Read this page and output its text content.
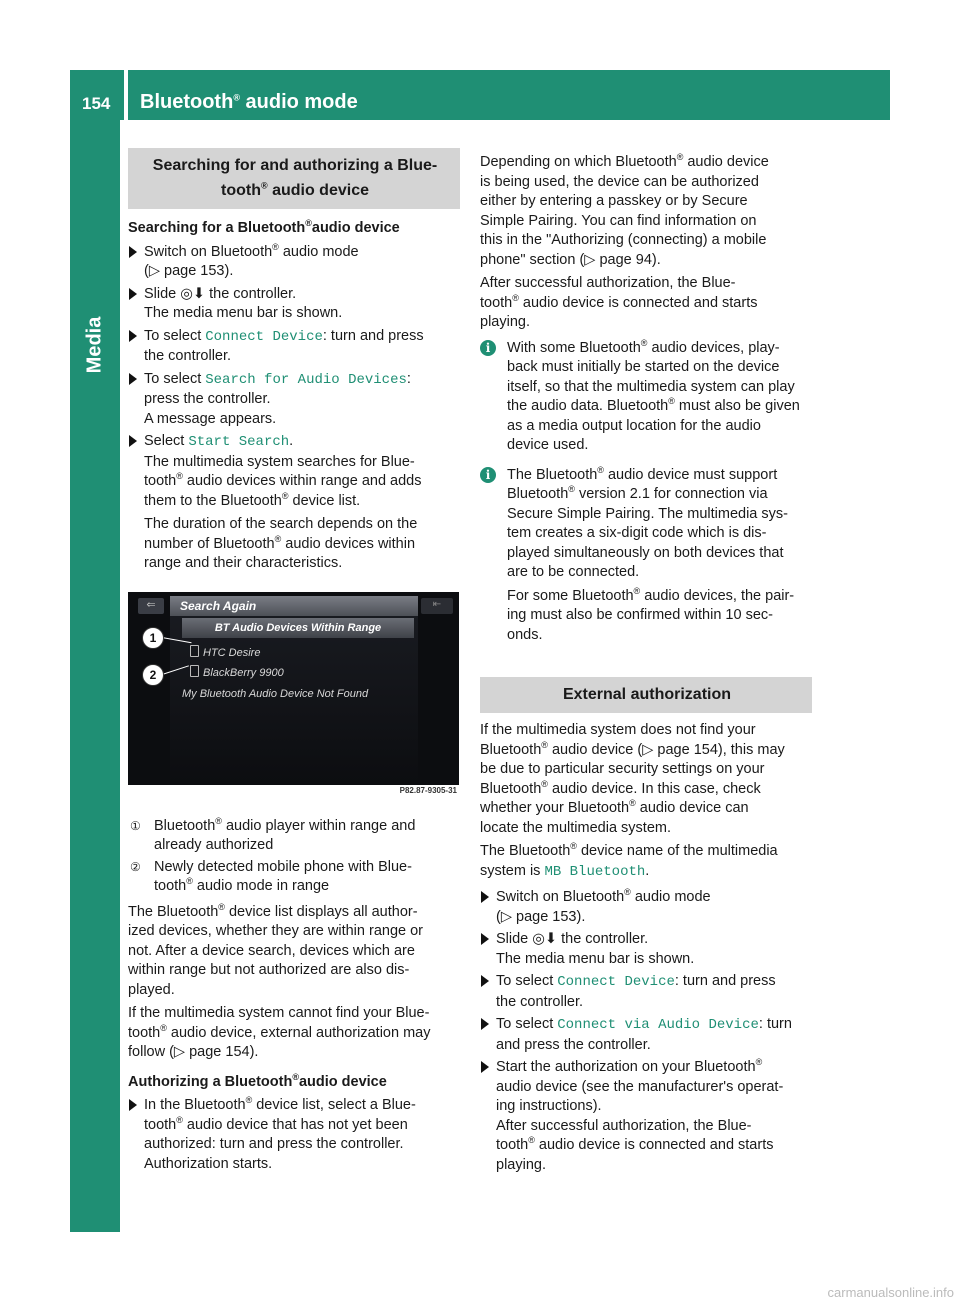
154 Bluetooth® audio mode
Media
Searching for and authorizing a Blue-
tooth® audio device
Searching for a Bluetooth®audio device
Switch on Bluetooth® audio mode
(▷ page 153).
Slide ◎⬇ the controller.
The media menu bar is shown.
To select Connect Device: turn and press
the controller.
To select Search for Audio Devices:
press the controller.
A message appears.
Select Start Search.
The multimedia system searches for Blue-
tooth® audio devices within range and adds
them to the Bluetooth® device list.
The duration of the search depends on the
number of Bluetooth® audio devices within
range and their characteristics.
⇐	⇤
Search Again
BT Audio Devices Within Range
HTC Desire
BlackBerry 9900
My Bluetooth Audio Device Not Found
1
2
P82.87-9305-31
① Bluetooth® audio player within range and
already authorized
② Newly detected mobile phone with Blue-
tooth® audio mode in range

The Bluetooth® device list displays all author-
ized devices, whether they are within range or
not. After a device search, devices which are
within range but not authorized are also dis-
played.

If the multimedia system cannot find your Blue-
tooth® audio device, external authorization may
follow (▷ page 154).

Authorizing a Bluetooth®audio device
In the Bluetooth® device list, select a Blue-
tooth® audio device that has not yet been
authorized: turn and press the controller.
Authorization starts.

Depending on which Bluetooth® audio device
is being used, the device can be authorized
either by entering a passkey or by Secure
Simple Pairing. You can find information on
this in the "Authorizing (connecting) a mobile
phone" section (▷ page 94).

After successful authorization, the Blue-
tooth® audio device is connected and starts
playing.

i	With some Bluetooth® audio devices, play-
back must initially be started on the device
itself, so that the multimedia system can play
the audio data. Bluetooth® must also be given
as a media output location for the audio
device used.
i	The Bluetooth® audio device must support
Bluetooth® version 2.1 for connection via
Secure Simple Pairing. The multimedia sys-
tem creates a six-digit code which is dis-
played simultaneously on both devices that
are to be connected.
For some Bluetooth® audio devices, the pair-
ing must also be confirmed within 10 sec-
onds.
External authorization

If the multimedia system does not find your
Bluetooth® audio device (▷ page 154), this may
be due to particular security settings on your
Bluetooth® audio device. In this case, check
whether your Bluetooth® audio device can
locate the multimedia system.

The Bluetooth® device name of the multimedia
system is MB Bluetooth.

Switch on Bluetooth® audio mode
(▷ page 153).
Slide ◎⬇ the controller.
The media menu bar is shown.
To select Connect Device: turn and press
the controller.
To select Connect via Audio Device: turn
and press the controller.
Start the authorization on your Bluetooth®
audio device (see the manufacturer's operat-
ing instructions).
After successful authorization, the Blue-
tooth® audio device is connected and starts
playing.
carmanualsonline.info
